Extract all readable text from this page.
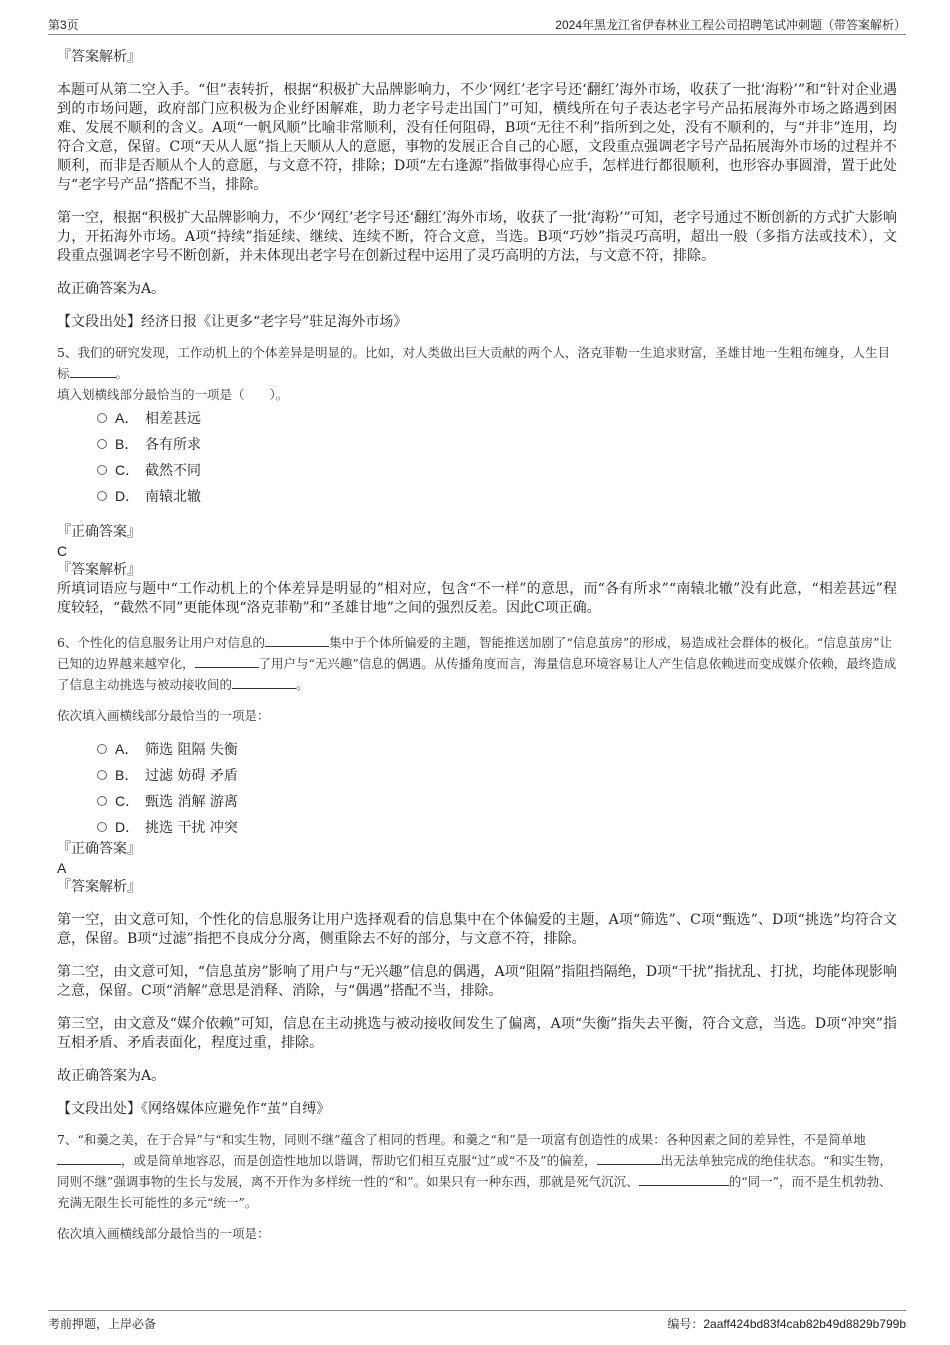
第3页	2024年黑龙江省伊春林业工程公司招聘笔试冲刺题（带答案解析）

『答案解析』

本题可从第二空入手。“但”表转折，根据“积极扩大品牌影响力，不少‘网红’老字号还‘翻红’海外市场，收获了一批‘海粉’”和“针对企业遇到的市场问题，政府部门应积极为企业纾困解难，助力老字号走出国门”可知，横线所在句子表达老字号产品拓展海外市场之路遇到困难、发展不顺利的含义。A项“一帆风顺”比喻非常顺利，没有任何阻碍，B项“无往不利”指所到之处，没有不顺利的，与“并非”连用，均符合文意，保留。C项“天从人愿”指上天顺从人的意愿，事物的发展正合自己的心愿，文段重点强调老字号产品拓展海外市场的过程并不顺利，而非是否顺从个人的意愿，与文意不符，排除；D项“左右逢源”指做事得心应手，怎样进行都很顺利，也形容办事圆滑，置于此处与“老字号产品”搭配不当，排除。

第一空，根据“积极扩大品牌影响力，不少‘网红’老字号还‘翻红’海外市场，收获了一批‘海粉’”可知，老字号通过不断创新的方式扩大影响力，开拓海外市场。A项“持续”指延续、继续、连续不断，符合文意，当选。B项“巧妙”指灵巧高明，超出一般（多指方法或技术），文段重点强调老字号不断创新，并未体现出老字号在创新过程中运用了灵巧高明的方法，与文意不符，排除。

故正确答案为A。

【文段出处】经济日报《让更多“老字号”驻足海外市场》

5、我们的研究发现，工作动机上的个体差异是明显的。比如，对人类做出巨大贡献的两个人，洛克菲勒一生追求财富，圣雄甘地一生粗布缠身，人生目标	。

填入划横线部分最恰当的一项是（　　）。

A． 相差甚远
B． 各有所求
C． 截然不同
D． 南辕北辙

『正确答案』

C

『答案解析』

所填词语应与题中“工作动机上的个体差异是明显的”相对应，包含“不一样”的意思，而“各有所求”“南辕北辙”没有此意，“相差甚远”程度较轻，“截然不同”更能体现“洛克菲勒”和“圣雄甘地”之间的强烈反差。因此C项正确。

6、个性化的信息服务让用户对信息的	集中于个体所偏爱的主题，智能推送加剧了“信息茧房”的形成，易造成社会群体的极化。“信息茧房”让已知的边界越来越窄化，	了用户与“无兴趣”信息的偶遇。从传播角度而言，海量信息环境容易让人产生信息依赖进而变成媒介依赖，最终造成了信息主动挑选与被动接收间的	。

依次填入画横线部分最恰当的一项是：

A． 筛选 阻隔 失衡
B． 过滤 妨碍 矛盾
C． 甄选 消解 游离
D． 挑选 干扰 冲突

『正确答案』

A

『答案解析』

第一空，由文意可知，个性化的信息服务让用户选择观看的信息集中在个体偏爱的主题，A项“筛选”、C项“甄选”、D项“挑选”均符合文意，保留。B项“过滤”指把不良成分分离，侧重除去不好的部分，与文意不符，排除。

第二空，由文意可知，“信息茧房”影响了用户与“无兴趣”信息的偶遇，A项“阻隔”指阻挡隔绝，D项“干扰”指扰乱、打扰，均能体现影响之意，保留。C项“消解”意思是消释、消除，与“偶遇”搭配不当，排除。

第三空，由文意及“媒介依赖”可知，信息在主动挑选与被动接收间发生了偏离，A项“失衡”指失去平衡，符合文意，当选。D项“冲突”指互相矛盾、矛盾表面化，程度过重，排除。

故正确答案为A。

【文段出处】《网络媒体应避免作“茧”自缚》

7、“和羹之美，在于合异”与“和实生物，同则不继”蕴含了相同的哲理。和羹之“和”是一项富有创造性的成果：各种因素之间的差异性，不是简单地，或是简单地容忍，而是创造性地加以谐调，帮助它们相互克服“过”或“不及”的偏差，	出无法单独完成的绝佳状态。“和实生物，同则不继”强调事物的生长与发展，离不开作为多样统一性的“和”。如果只有一种东西，那就是死气沉沉、	的“同一”，而不是生机勃勃、充满无限生长可能性的多元“统一”。

依次填入画横线部分最恰当的一项是：

考前押题，上岸必备	编号：2aaff424bd83f4cab82b49d8829b799b
